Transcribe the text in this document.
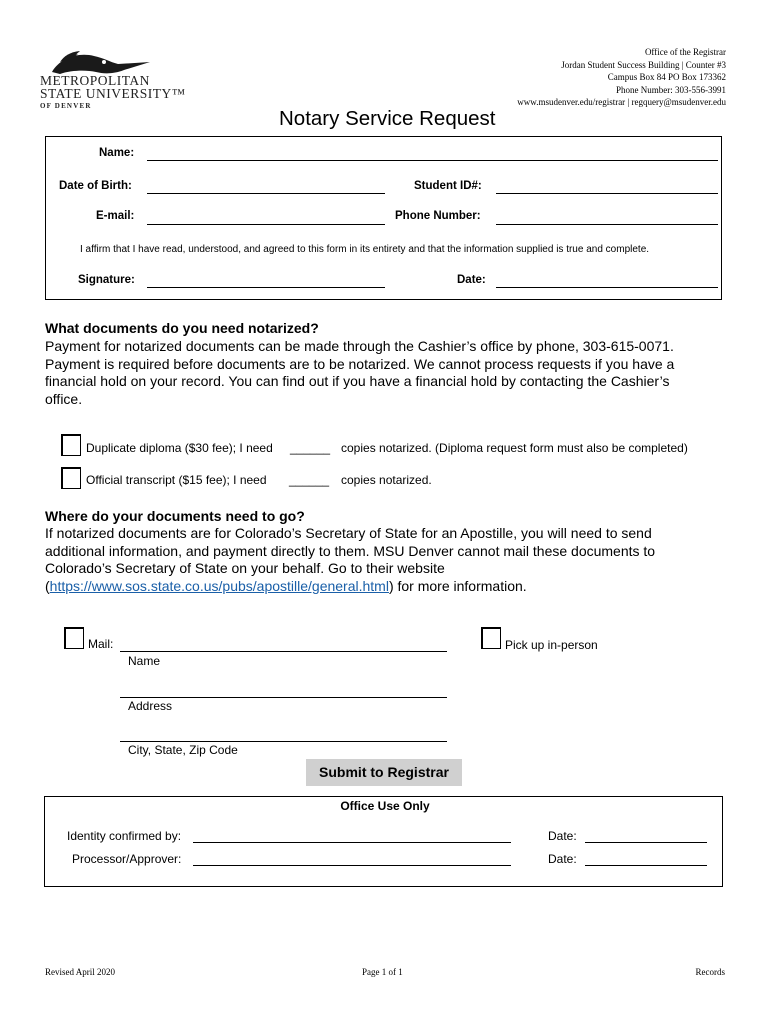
METROPOLITAN
STATE UNIVERSITY™
OF DENVER
Office of the Registrar
Jordan Student Success Building | Counter #3
Campus Box 84 PO Box 173362
Phone Number: 303-556-3991
www.msudenver.edu/registrar | regquery@msudenver.edu
Notary Service Request
Name:
Date of Birth:	Student ID#:
E-mail:	Phone Number:
I affirm that I have read, understood, and agreed to this form in its entirety and that the information supplied is true and complete.
Signature:	Date:
What documents do you need notarized?
Payment for notarized documents can be made through the Cashier’s office by phone, 303-615-0071.
Payment is required before documents are to be notarized. We cannot process requests if you have a
financial hold on your record. You can find out if you have a financial hold by contacting the Cashier’s
office.
Duplicate diploma ($30 fee); I need ______ copies notarized. (Diploma request form must also be completed)
Official transcript ($15 fee); I need ______ copies notarized.
Where do your documents need to go?
If notarized documents are for Colorado’s Secretary of State for an Apostille, you will need to send
additional information, and payment directly to them. MSU Denver cannot mail these documents to
Colorado’s Secretary of State on your behalf. Go to their website
(https://www.sos.state.co.us/pubs/apostille/general.html) for more information.
Mail:
Name
Pick up in-person
Address
City, State, Zip Code
Submit to Registrar
Office Use Only
Identity confirmed by:	Date:
Processor/Approver:	Date:
Revised April 2020	Page 1 of 1	Records
